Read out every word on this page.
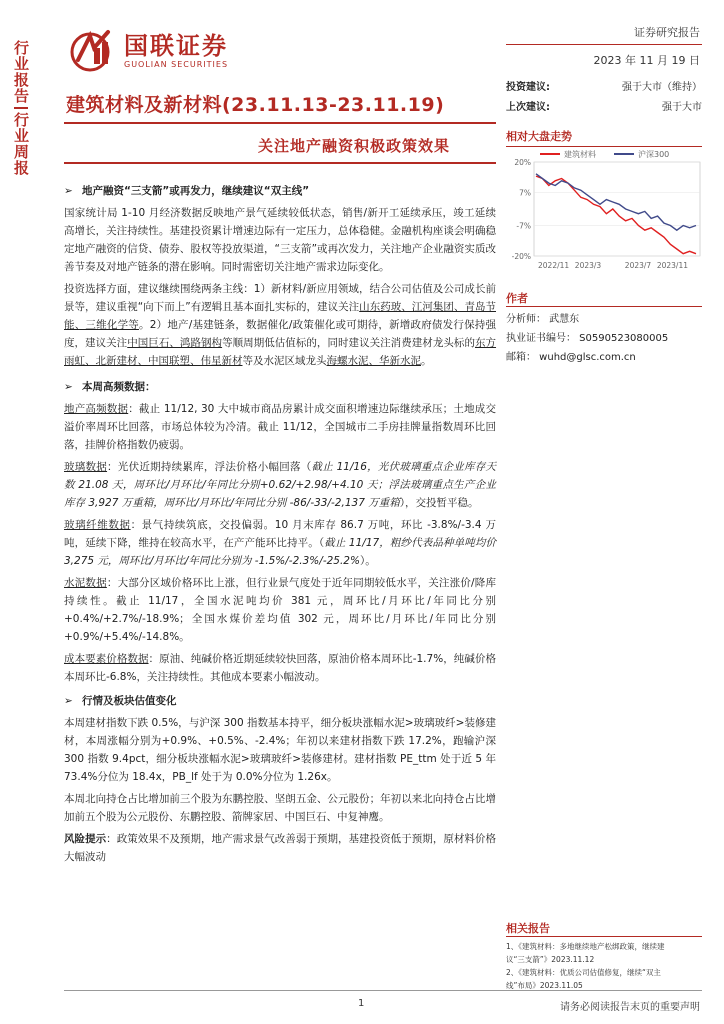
行业报告
行业周报
国联证券
GUOLIAN SECURITIES
证券研究报告
2023 年 11 月 19 日
建筑材料及新材料(23.11.13-23.11.19)
关注地产融资积极政策效果
➢ 地产融资“三支箭”或再发力，继续建议“双主线”

国家统计局 1-10 月经济数据反映地产景气延续较低状态，销售/新开工延续承压，竣工延续高增长，关注持续性。基建投资累计增速边际有一定压力，总体稳健。金融机构座谈会明确稳定地产融资的信贷、债券、股权等投放渠道，“三支箭”或再次发力，关注地产企业融资实质改善节奏及对地产链条的潜在影响。同时需密切关注地产需求边际变化。

投资选择方面，建议继续围绕两条主线：1）新材料/新应用领域，结合公司估值及公司成长前景等，建议重视“向下而上”有逻辑且基本面扎实标的，建议关注山东药玻、江河集团、青岛节能、三维化学等。2）地产/基建链条，数据催化/政策催化或可期待，新增政府债发行保持强度，建议关注中国巨石、鸿路钢构等顺周期低估值标的，同时建议关注消费建材龙头标的东方雨虹、北新建材、中国联塑、伟星新材等及水泥区域龙头海螺水泥、华新水泥。

➢ 本周高频数据：

地产高频数据：截止 11/12, 30 大中城市商品房累计成交面积增速边际继续承压；土地成交溢价率周环比回落，市场总体较为冷清。截止 11/12，全国城市二手房挂牌量指数周环比回落，挂牌价格指数仍疲弱。

玻璃数据：光伏近期持续累库，浮法价格小幅回落（截止 11/16，光伏玻璃重点企业库存天数 21.08 天，周环比/月环比/年同比分别+0.62/+2.98/+4.10 天；浮法玻璃重点生产企业库存 3,927 万重箱，周环比/月环比/年同比分别 -86/-33/-2,137 万重箱），交投暂平稳。

玻璃纤维数据：景气持续筑底，交投偏弱。10 月末库存 86.7 万吨，环比 -3.8%/-3.4 万吨，延续下降，维持在较高水平，在产产能环比持平。（截止 11/17，粗纱代表品种单吨均价 3,275 元，周环比/月环比/年同比分别为 -1.5%/-2.3%/-25.2%）。

水泥数据：大部分区域价格环比上涨，但行业景气度处于近年同期较低水平，关注涨价/降库持续性。截止 11/17，全国水泥吨均价 381 元，周环比/月环比/年同比分别+0.4%/+2.7%/-18.9%；全国水煤价差均值 302 元，周环比/月环比/年同比分别+0.9%/+5.4%/-14.8%。

成本要素价格数据：原油、纯碱价格近期延续较快回落，原油价格本周环比-1.7%，纯碱价格本周环比-6.8%，关注持续性。其他成本要素小幅波动。

➢ 行情及板块估值变化

本周建材指数下跌 0.5%，与沪深 300 指数基本持平，细分板块涨幅水泥>玻璃玻纤>装修建材，本周涨幅分别为+0.9%、+0.5%、-2.4%；年初以来建材指数下跌 17.2%，跑输沪深 300 指数 9.4pct，细分板块涨幅水泥>玻璃玻纤>装修建材。建材指数 PE_ttm 处于近 5 年 73.4%分位为 18.4x，PB_lf 处于为 0.0%分位为 1.26x。

本周北向持仓占比增加前三个股为东鹏控股、坚朗五金、公元股份；年初以来北向持仓占比增加前五个股为公元股份、东鹏控股、箭牌家居、中国巨石、中复神鹰。

风险提示：政策效果不及预期，地产需求景气改善弱于预期，基建投资低于预期，原材料价格大幅波动

投资建议:	强于大市（维持）
上次建议:	强于大市
相对大盘走势
建筑材料	沪深300
20%
7%
-7%
-20%
2022/11 2023/3	2023/7 2023/11
作者
分析师： 武慧东
执业证书编号： S0590523080005
邮箱： wuhd@glsc.com.cn
相关报告
1、《建筑材料：多地继续地产松绑政策，继续建
议“三支箭”》2023.11.12
2、《建筑材料：优质公司估值修复，继续“双主
线”布局》2023.11.05
1	请务必阅读报告末页的重要声明
